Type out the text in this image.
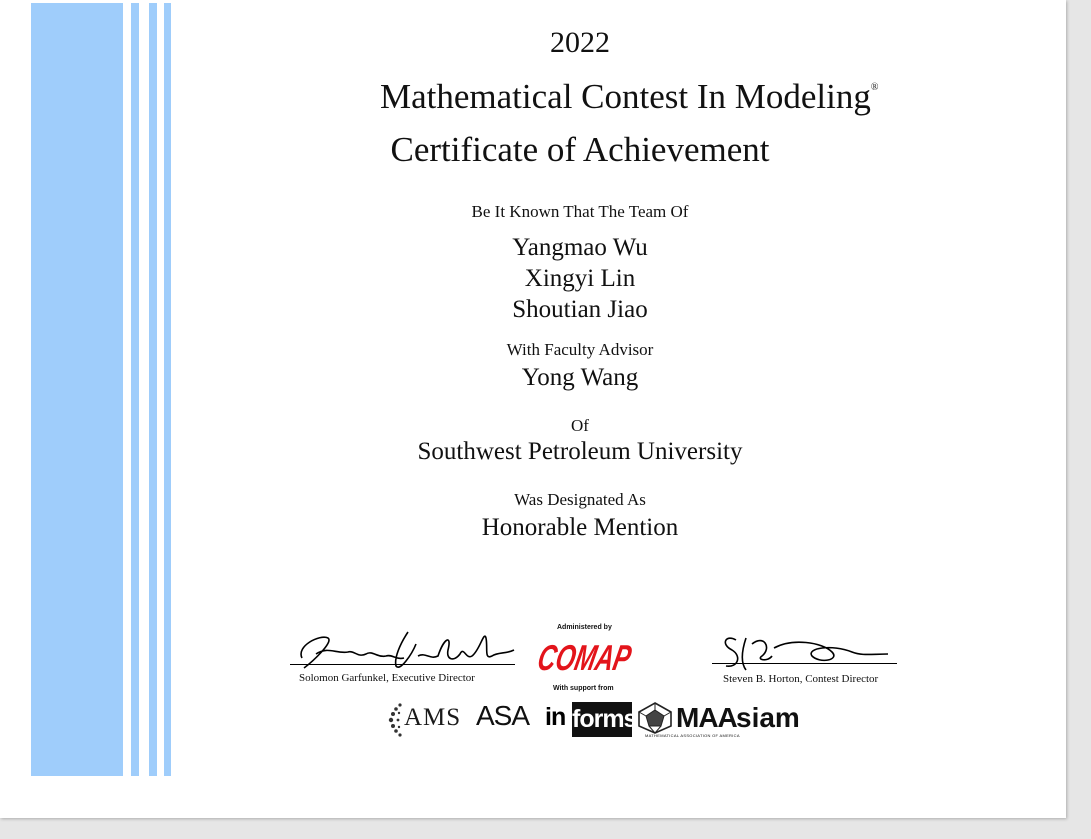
2022
Mathematical Contest In Modeling®
Certificate of Achievement
Be It Known That The Team Of
Yangmao Wu
Xingyi Lin
Shoutian Jiao
With Faculty Advisor
Yong Wang
Of
Southwest Petroleum University
Was Designated As
Honorable Mention
Solomon Garfunkel, Executive Director	Steven B. Horton, Contest Director
Administered by
COMAP
With support from
AMS ASA in forms MAA
MATHEMATICAL ASSOCIATION OF AMERICA
siam
